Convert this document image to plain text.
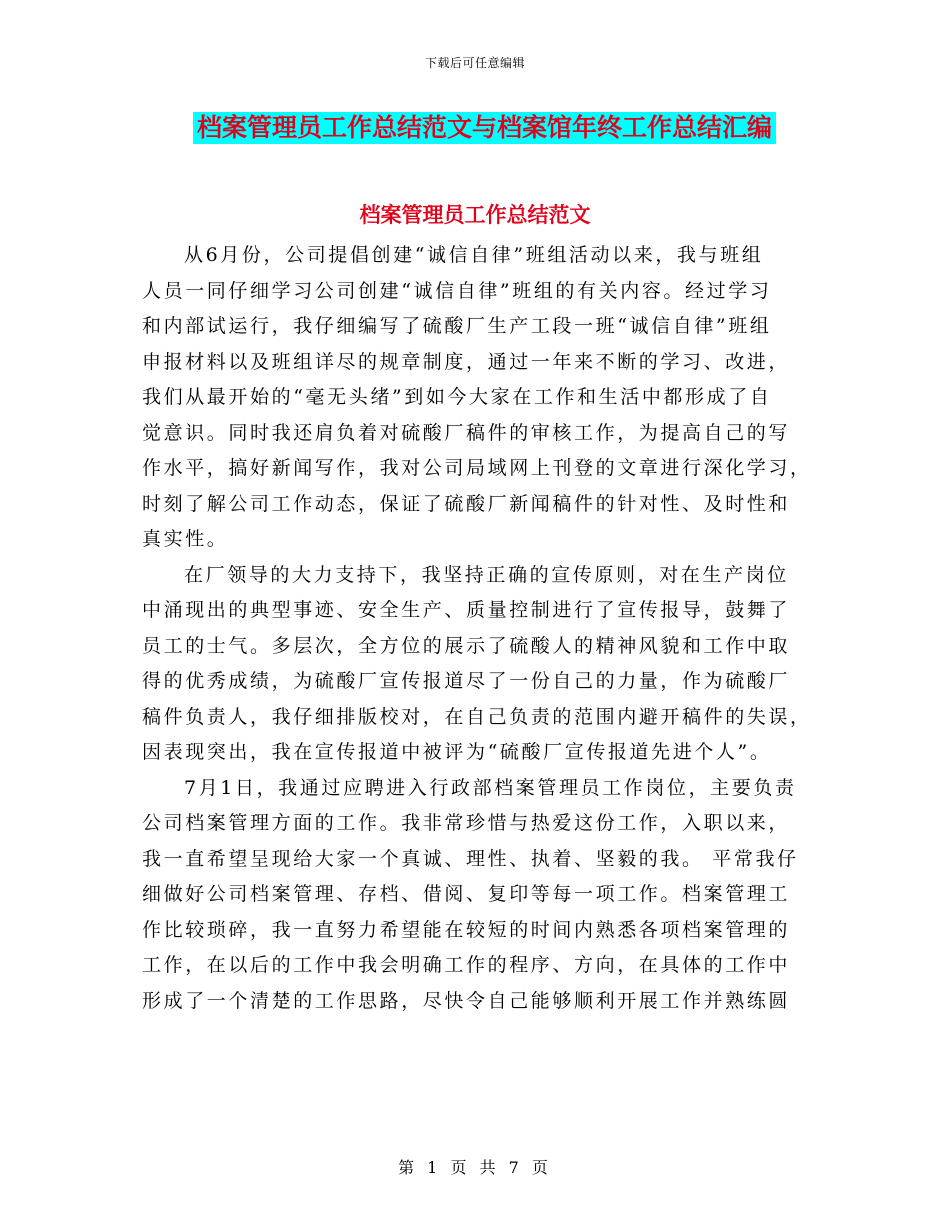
下载后可任意编辑
档案管理员工作总结范文与档案馆年终工作总结汇编
档案管理员工作总结范文
从6月份，公司提倡创建“诚信自律”班组活动以来，我与班组
人员一同仔细学习公司创建“诚信自律”班组的有关内容。经过学习
和内部试运行，我仔细编写了硫酸厂生产工段一班“诚信自律”班组
申报材料以及班组详尽的规章制度，通过一年来不断的学习、改进，
我们从最开始的“毫无头绪”到如今大家在工作和生活中都形成了自
觉意识。同时我还肩负着对硫酸厂稿件的审核工作，为提高自己的写
作水平，搞好新闻写作，我对公司局域网上刊登的文章进行深化学习，
时刻了解公司工作动态，保证了硫酸厂新闻稿件的针对性、及时性和
真实性。
在厂领导的大力支持下，我坚持正确的宣传原则，对在生产岗位
中涌现出的典型事迹、安全生产、质量控制进行了宣传报导，鼓舞了
员工的士气。多层次，全方位的展示了硫酸人的精神风貌和工作中取
得的优秀成绩，为硫酸厂宣传报道尽了一份自己的力量，作为硫酸厂
稿件负责人，我仔细排版校对，在自己负责的范围内避开稿件的失误，
因表现突出，我在宣传报道中被评为“硫酸厂宣传报道先进个人”。
7月1日，我通过应聘进入行政部档案管理员工作岗位，主要负责
公司档案管理方面的工作。我非常珍惜与热爱这份工作，入职以来，
我一直希望呈现给大家一个真诚、理性、执着、坚毅的我。 平常我仔
细做好公司档案管理、存档、借阅、复印等每一项工作。档案管理工
作比较琐碎，我一直努力希望能在较短的时间内熟悉各项档案管理的
工作，在以后的工作中我会明确工作的程序、方向，在具体的工作中
形成了一个清楚的工作思路，尽快令自己能够顺利开展工作并熟练圆
第 1 页 共 7 页
